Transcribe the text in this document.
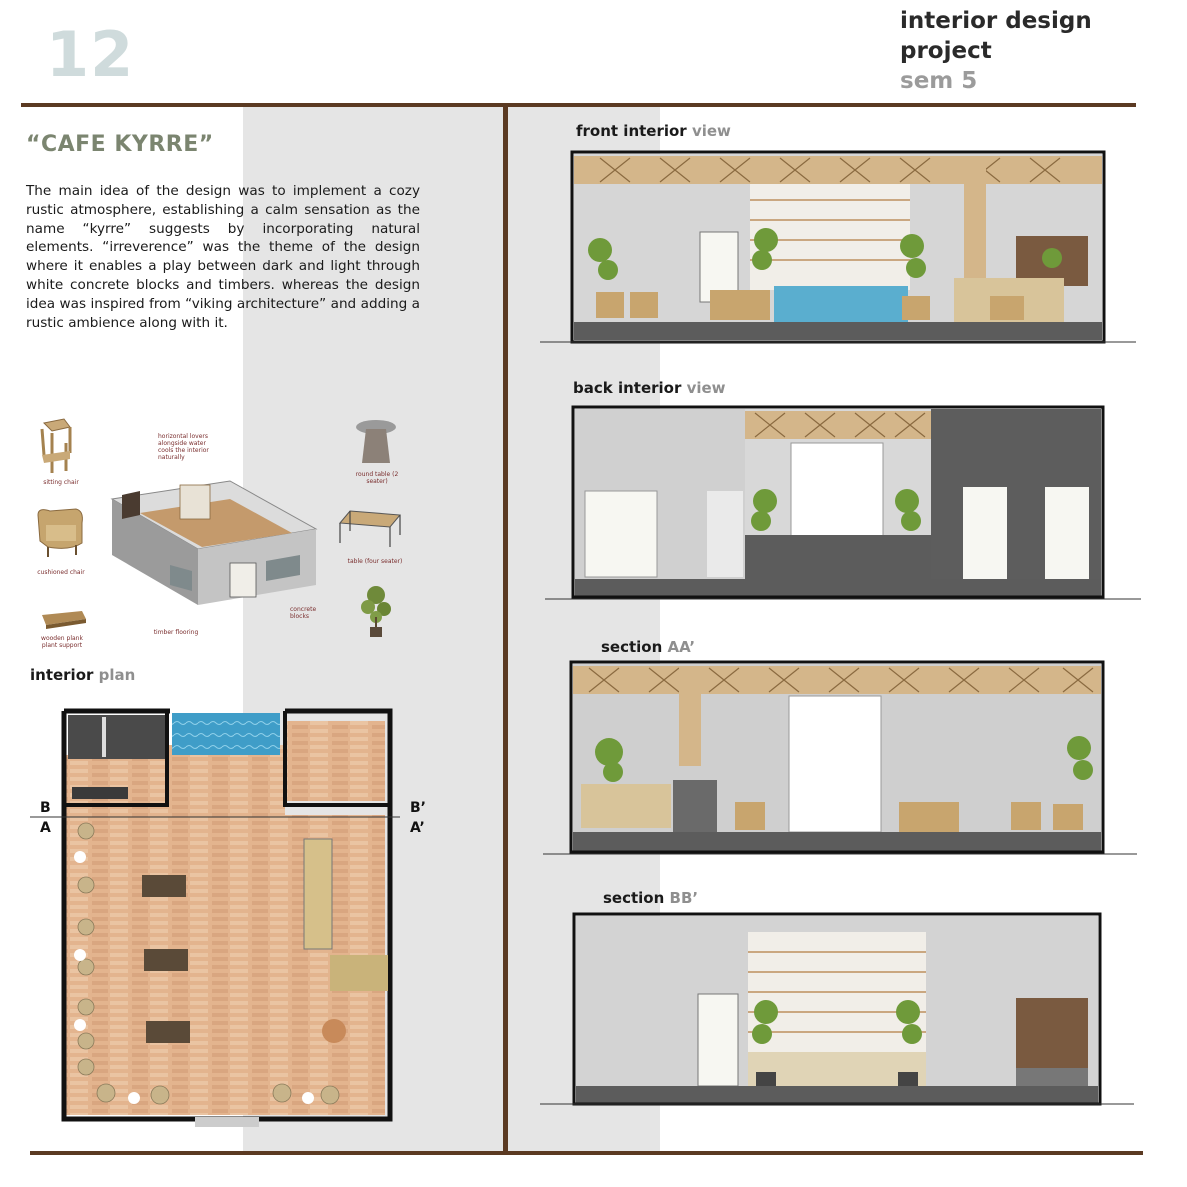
12	interior design
project
sem 5
“CAFE KYRRE”
The main idea of the design was to implement a cozy rustic atmosphere, establishing a calm sensation as the name “kyrre” suggests by incorporating natural elements. “irreverence” was the theme of the design where it enables a play between dark and light through white concrete blocks and timbers. whereas the design idea was inspired from “viking architecture” and adding a rustic ambience along with it.
sitting chair
cushioned chair
wooden plank plant support
horizontal lovers alongside water cools the interior naturally
timber flooring
concrete blocks
round table (2 seater)
table (four seater)
interior plan
B
A
B’
A’
front interior view
back interior view
section AA’
section BB’
